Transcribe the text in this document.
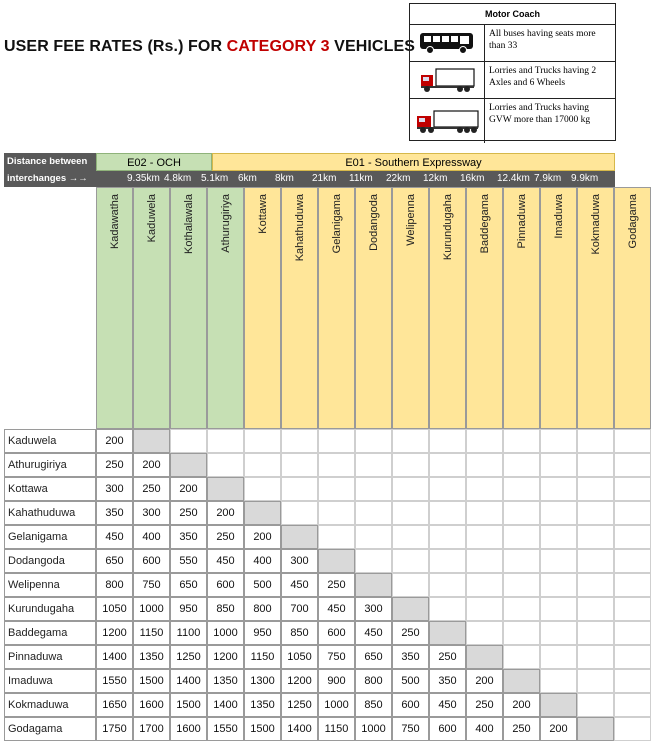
USER FEE RATES (Rs.) FOR CATEGORY 3 VEHICLES
Motor Coach
All buses having seats more than 33
Lorries and Trucks having 2 Axles and 6 Wheels
Lorries and Trucks having GVW more than 17000 kg
Distance between	E02 - OCH	E01 - Southern Expressway
interchanges →→	9.35km 4.8km 5.1km 6km 8km 21km 11km 22km 12km 16km 12.4km 7.9km 9.9km
Kadawatha Kaduwela Kothalawala Athurugiriya Kottawa Kahathuduwa Gelanigama Dodangoda Welipenna Kurundugaha Baddegama Pinnaduwa Imaduwa Kokmaduwa Godagama
Kaduwela	200
Athurugiriya	250	200
Kottawa	300	250	200
Kahathuduwa	350	300	250	200
Gelanigama	450	400	350	250	200
Dodangoda	650	600	550	450	400	300
Welipenna	800	750	650	600	500	450	250
Kurundugaha	1050	1000	950	850	800	700	450	300
Baddegama	1200	1150	1100	1000	950	850	600	450	250
Pinnaduwa	1400	1350	1250	1200	1150	1050	750	650	350	250
Imaduwa	1550	1500	1400	1350	1300	1200	900	800	500	350	200
Kokmaduwa	1650	1600	1500	1400	1350	1250	1000	850	600	450	250	200
Godagama	1750	1700	1600	1550	1500	1400	1150	1000	750	600	400	250	200
